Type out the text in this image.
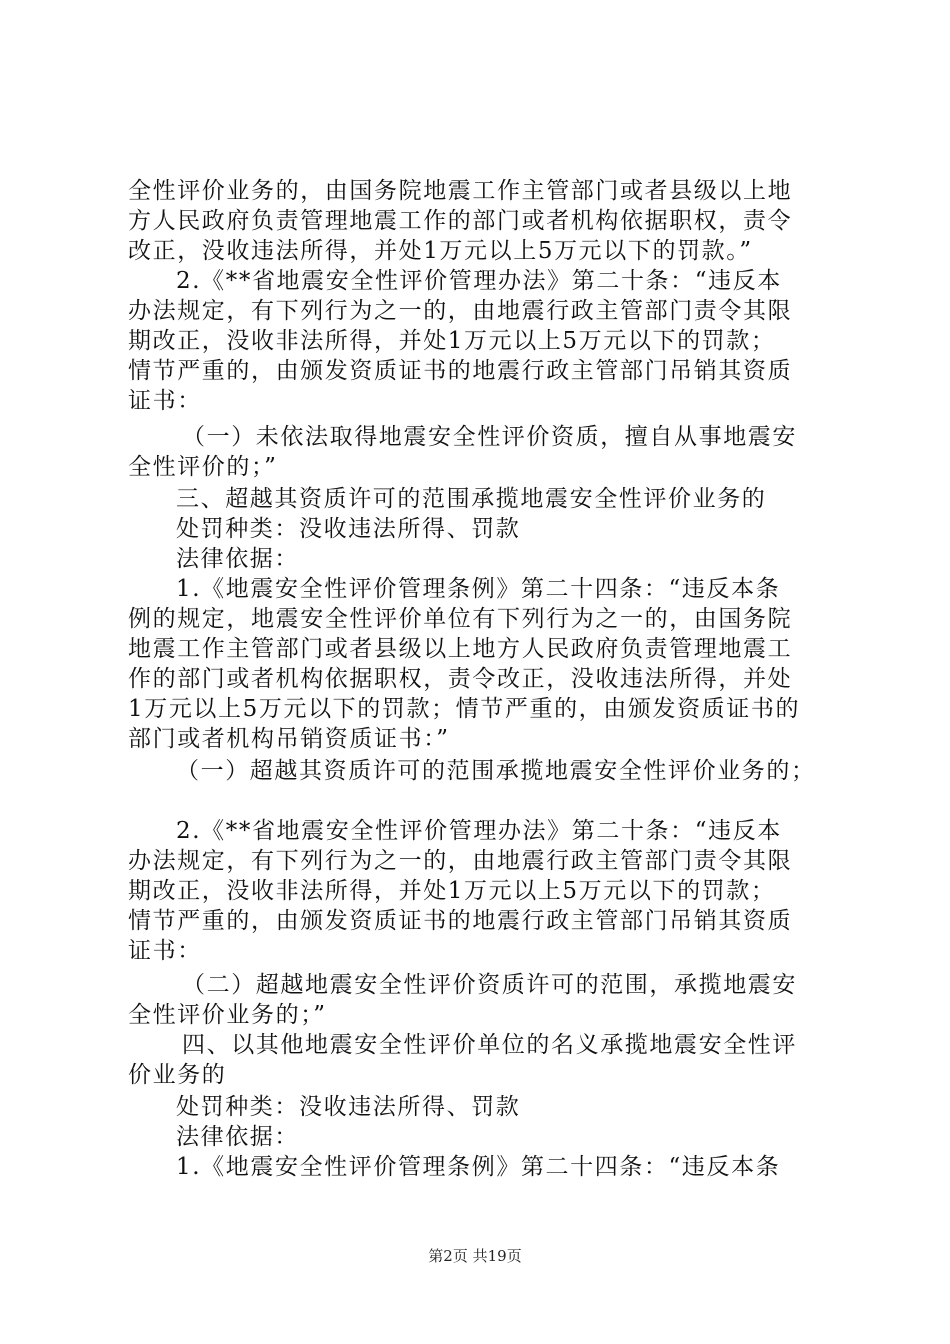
全性评价业务的，由国务院地震工作主管部门或者县级以上地
方人民政府负责管理地震工作的部门或者机构依据职权，责令
改正，没收违法所得，并处1万元以上5万元以下的罚款。”
2.《**省地震安全性评价管理办法》第二十条：“违反本
办法规定，有下列行为之一的，由地震行政主管部门责令其限
期改正，没收非法所得，并处1万元以上5万元以下的罚款；
情节严重的，由颁发资质证书的地震行政主管部门吊销其资质
证书：
（一）未依法取得地震安全性评价资质，擅自从事地震安
全性评价的；”
三、超越其资质许可的范围承揽地震安全性评价业务的
处罚种类：没收违法所得、罚款
法律依据：
1.《地震安全性评价管理条例》第二十四条：“违反本条
例的规定，地震安全性评价单位有下列行为之一的，由国务院
地震工作主管部门或者县级以上地方人民政府负责管理地震工
作的部门或者机构依据职权，责令改正，没收违法所得，并处
1万元以上5万元以下的罚款；情节严重的，由颁发资质证书的
部门或者机构吊销资质证书：”
（一）超越其资质许可的范围承揽地震安全性评价业务的；
2.《**省地震安全性评价管理办法》第二十条：“违反本
办法规定，有下列行为之一的，由地震行政主管部门责令其限
期改正，没收非法所得，并处1万元以上5万元以下的罚款；
情节严重的，由颁发资质证书的地震行政主管部门吊销其资质
证书：
（二）超越地震安全性评价资质许可的范围，承揽地震安
全性评价业务的；”
四、以其他地震安全性评价单位的名义承揽地震安全性评
价业务的
处罚种类：没收违法所得、罚款
法律依据：
1.《地震安全性评价管理条例》第二十四条：“违反本条
第2页 共19页
